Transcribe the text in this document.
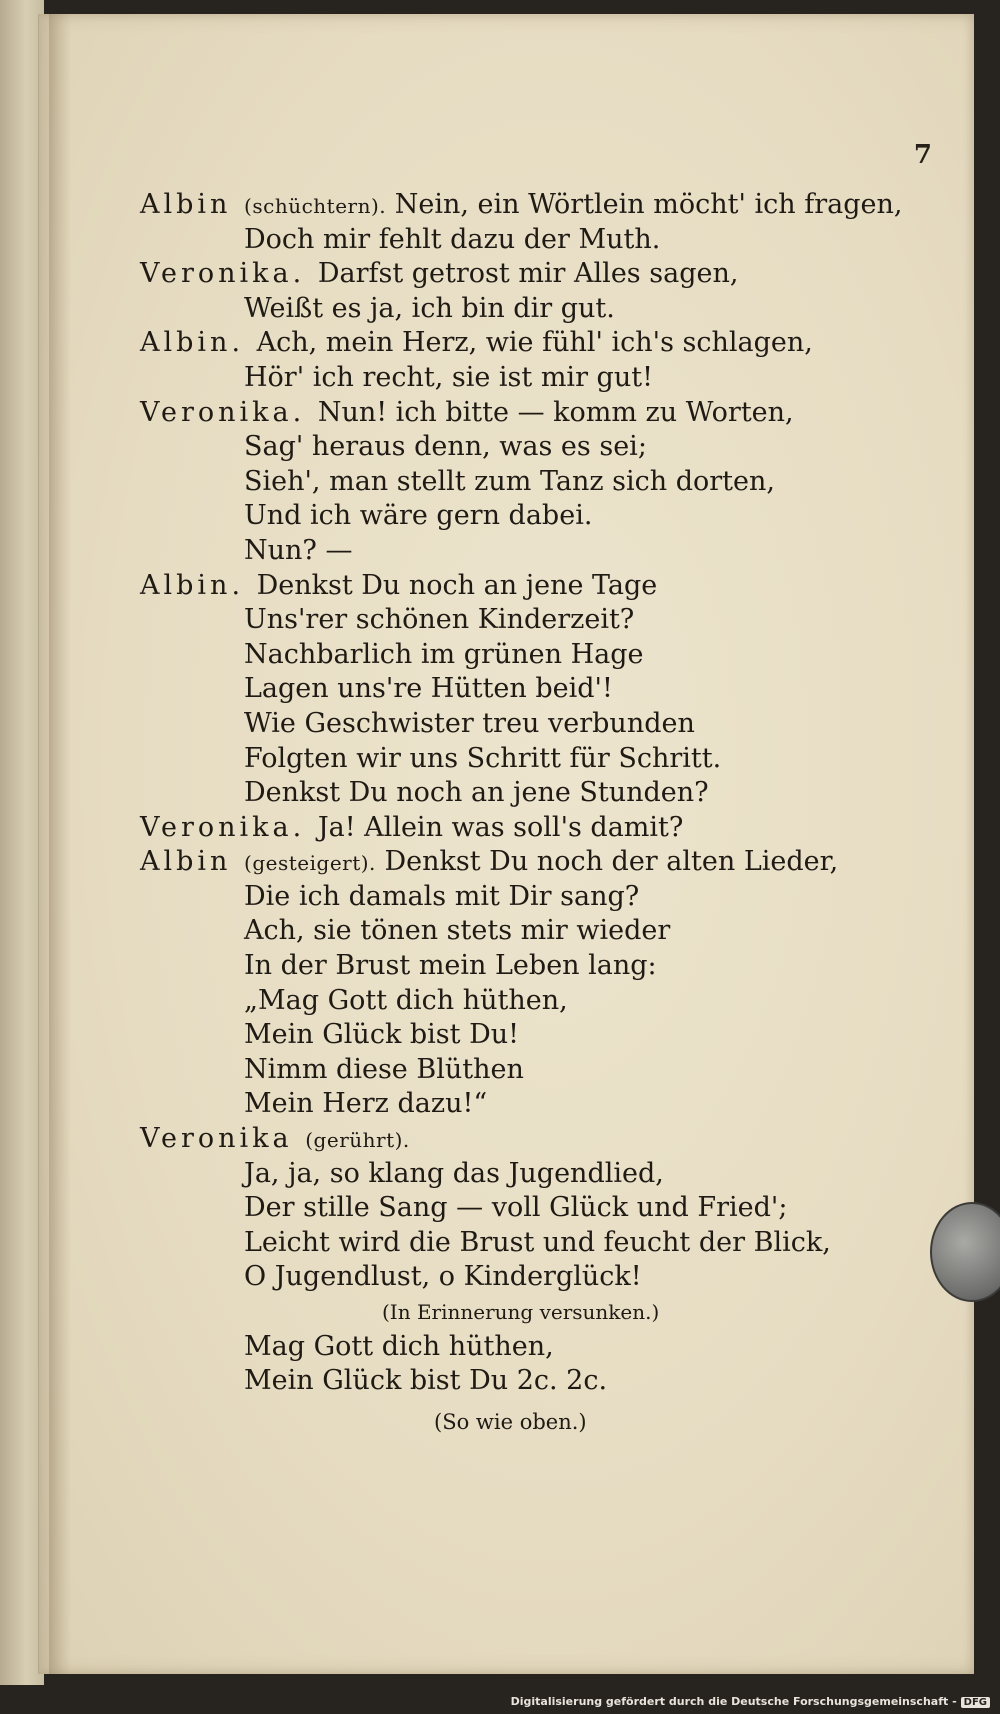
7
Albin (schüchtern). Nein, ein Wörtlein möcht' ich fragen,
Doch mir fehlt dazu der Muth.
Veronika. Darfst getrost mir Alles sagen,
Weißt es ja, ich bin dir gut.
Albin. Ach, mein Herz, wie fühl' ich's schlagen,
Hör' ich recht, sie ist mir gut!
Veronika. Nun! ich bitte — komm zu Worten,
Sag' heraus denn, was es sei;
Sieh', man stellt zum Tanz sich dorten,
Und ich wäre gern dabei.
Nun? —
Albin. Denkst Du noch an jene Tage
Uns'rer schönen Kinderzeit?
Nachbarlich im grünen Hage
Lagen uns're Hütten beid'!
Wie Geschwister treu verbunden
Folgten wir uns Schritt für Schritt.
Denkst Du noch an jene Stunden?
Veronika. Ja! Allein was soll's damit?
Albin (gesteigert). Denkst Du noch der alten Lieder,
Die ich damals mit Dir sang?
Ach, sie tönen stets mir wieder
In der Brust mein Leben lang:
„Mag Gott dich hüthen,
Mein Glück bist Du!
Nimm diese Blüthen
Mein Herz dazu!“
Veronika (gerührt).
Ja, ja, so klang das Jugendlied,
Der stille Sang — voll Glück und Fried';
Leicht wird die Brust und feucht der Blick,
O Jugendlust, o Kinderglück!
(In Erinnerung versunken.)
Mag Gott dich hüthen,
Mein Glück bist Du 2c. 2c.
(So wie oben.)
Digitalisierung gefördert durch die Deutsche Forschungsgemeinschaft - DFG
